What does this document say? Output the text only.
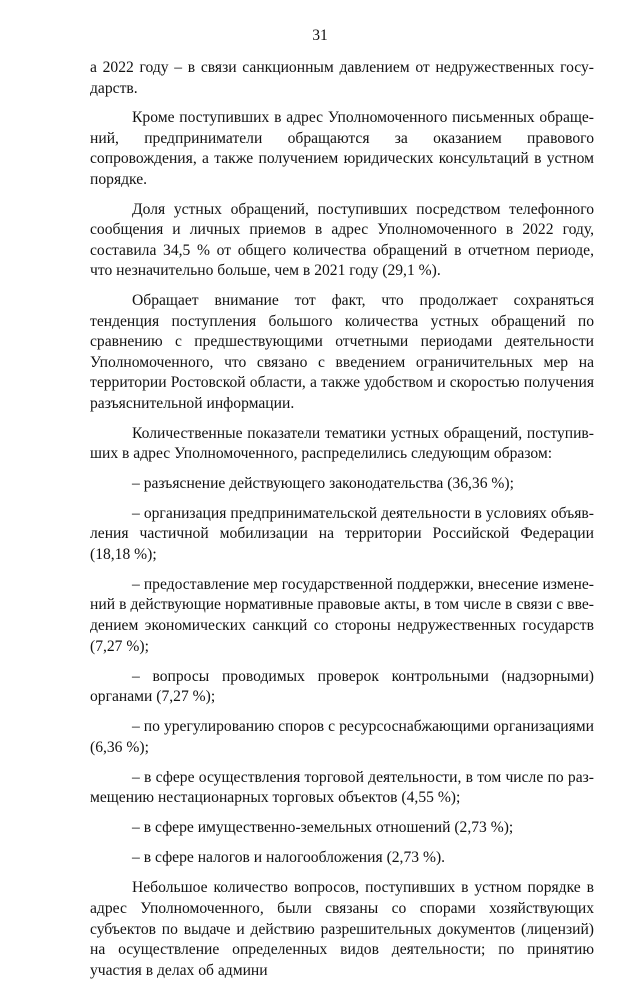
31

а 2022 году – в связи санкционным давлением от недружественных государств.

Кроме поступивших в адрес Уполномоченного письменных обращений, предприниматели обращаются за оказанием правового сопровождения, а также получением юридических консультаций в устном порядке.

Доля устных обращений, поступивших посредством телефонного сообщения и личных приемов в адрес Уполномоченного в 2022 году, составила 34,5 % от общего количества обращений в отчетном периоде, что незначительно больше, чем в 2021 году (29,1 %).

Обращает внимание тот факт, что продолжает сохраняться тенденция поступления большого количества устных обращений по сравнению с предшествующими отчетными периодами деятельности Уполномоченного, что связано с введением ограничительных мер на территории Ростовской области, а также удобством и скоростью получения разъяснительной информации.

Количественные показатели тематики устных обращений, поступивших в адрес Уполномоченного, распределились следующим образом:

– разъяснение действующего законодательства (36,36 %);

– организация предпринимательской деятельности в условиях объявления частичной мобилизации на территории Российской Федерации (18,18 %);

– предоставление мер государственной поддержки, внесение изменений в действующие нормативные правовые акты, в том числе в связи с введением экономических санкций со стороны недружественных государств (7,27 %);

– вопросы проводимых проверок контрольными (надзорными) органами (7,27 %);

– по урегулированию споров с ресурсоснабжающими организациями (6,36 %);

– в сфере осуществления торговой деятельности, в том числе по размещению нестационарных торговых объектов (4,55 %);

– в сфере имущественно-земельных отношений (2,73 %);

– в сфере налогов и налогообложения (2,73 %).

Небольшое количество вопросов, поступивших в устном порядке в адрес Уполномоченного, были связаны со спорами хозяйствующих субъектов по выдаче и действию разрешительных документов (лицензий) на осуществление определенных видов деятельности; по принятию участия в делах об админи
